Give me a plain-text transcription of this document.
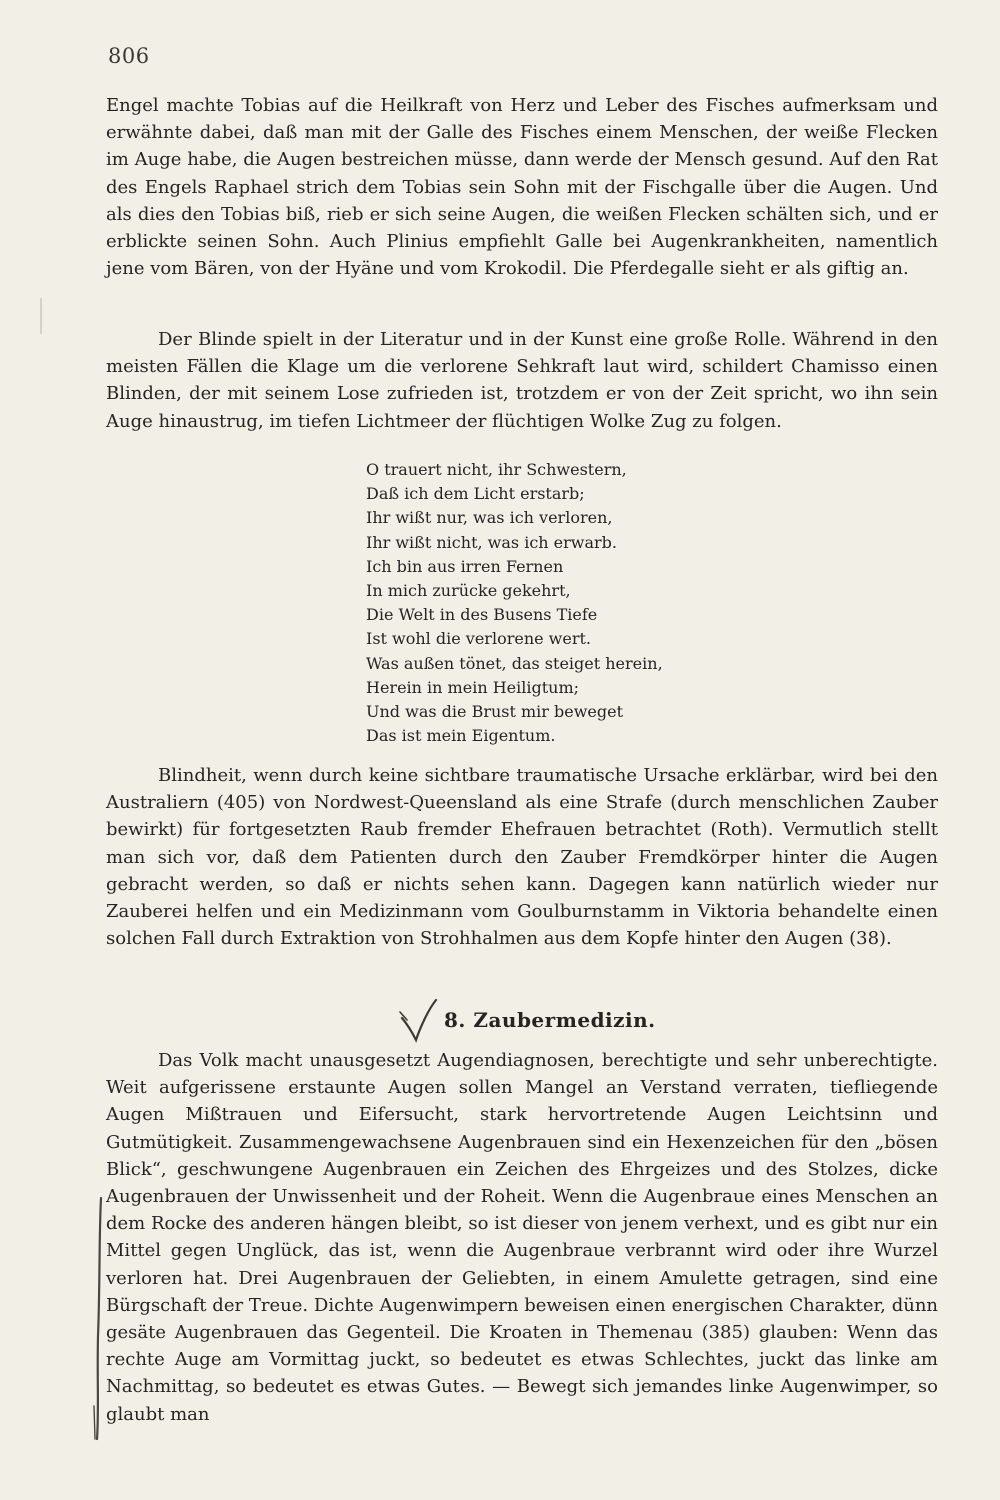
806

Engel machte Tobias auf die Heilkraft von Herz und Leber des Fisches aufmerksam und erwähnte dabei, daß man mit der Galle des Fisches einem Menschen, der weiße Flecken im Auge habe, die Augen bestreichen müsse, dann werde der Mensch gesund. Auf den Rat des Engels Raphael strich dem Tobias sein Sohn mit der Fischgalle über die Augen. Und als dies den Tobias biß, rieb er sich seine Augen, die weißen Flecken schälten sich, und er erblickte seinen Sohn. Auch Plinius empfiehlt Galle bei Augenkrankheiten, namentlich jene vom Bären, von der Hyäne und vom Krokodil. Die Pferdegalle sieht er als giftig an.

Der Blinde spielt in der Literatur und in der Kunst eine große Rolle. Während in den meisten Fällen die Klage um die verlorene Sehkraft laut wird, schildert Chamisso einen Blinden, der mit seinem Lose zufrieden ist, trotzdem er von der Zeit spricht, wo ihn sein Auge hinaustrug, im tiefen Lichtmeer der flüchtigen Wolke Zug zu folgen.

O trauert nicht, ihr Schwestern,
Daß ich dem Licht erstarb;
Ihr wißt nur, was ich verloren,
Ihr wißt nicht, was ich erwarb.
Ich bin aus irren Fernen
In mich zurücke gekehrt,
Die Welt in des Busens Tiefe
Ist wohl die verlorene wert.
Was außen tönet, das steiget herein,
Herein in mein Heiligtum;
Und was die Brust mir beweget
Das ist mein Eigentum.

Blindheit, wenn durch keine sichtbare traumatische Ursache erklärbar, wird bei den Australiern (405) von Nordwest-Queensland als eine Strafe (durch menschlichen Zauber bewirkt) für fortgesetzten Raub fremder Ehefrauen betrachtet (Roth). Vermutlich stellt man sich vor, daß dem Patienten durch den Zauber Fremdkörper hinter die Augen gebracht werden, so daß er nichts sehen kann. Dagegen kann natürlich wieder nur Zauberei helfen und ein Medizinmann vom Goulburnstamm in Viktoria behandelte einen solchen Fall durch Extraktion von Strohhalmen aus dem Kopfe hinter den Augen (38).

8. Zaubermedizin.

Das Volk macht unausgesetzt Augendiagnosen, berechtigte und sehr unberechtigte. Weit aufgerissene erstaunte Augen sollen Mangel an Verstand verraten, tiefliegende Augen Mißtrauen und Eifersucht, stark hervortretende Augen Leichtsinn und Gutmütigkeit. Zusammengewachsene Augenbrauen sind ein Hexenzeichen für den „bösen Blick“, geschwungene Augenbrauen ein Zeichen des Ehrgeizes und des Stolzes, dicke Augenbrauen der Unwissenheit und der Roheit. Wenn die Augenbraue eines Menschen an dem Rocke des anderen hängen bleibt, so ist dieser von jenem verhext, und es gibt nur ein Mittel gegen Unglück, das ist, wenn die Augenbraue verbrannt wird oder ihre Wurzel verloren hat. Drei Augenbrauen der Geliebten, in einem Amulette getragen, sind eine Bürgschaft der Treue. Dichte Augenwimpern beweisen einen energischen Charakter, dünn gesäte Augenbrauen das Gegenteil. Die Kroaten in Themenau (385) glauben: Wenn das rechte Auge am Vormittag juckt, so bedeutet es etwas Schlechtes, juckt das linke am Nachmittag, so bedeutet es etwas Gutes. — Bewegt sich jemandes linke Augenwimper, so glaubt man
